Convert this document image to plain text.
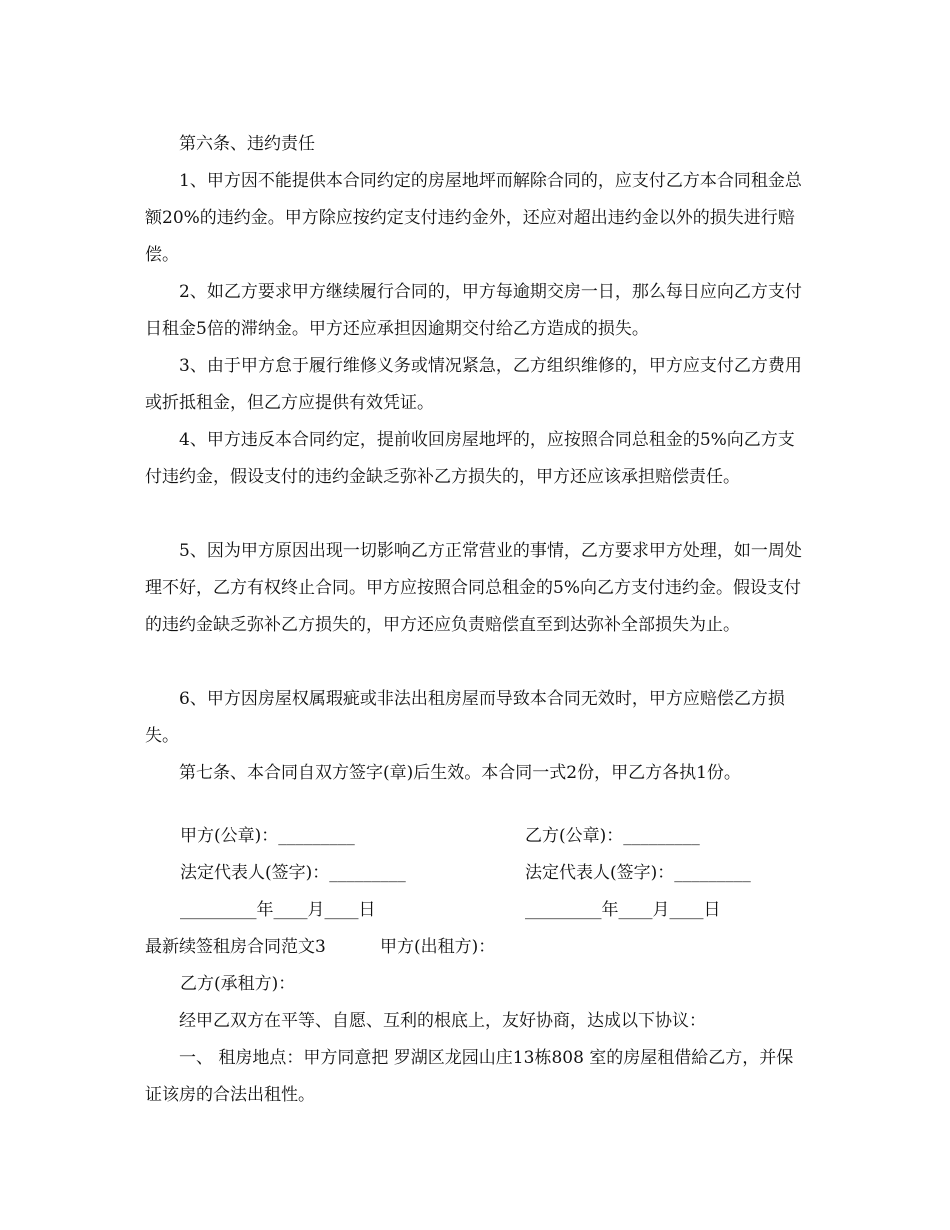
第六条、违约责任

1、甲方因不能提供本合同约定的房屋地坪而解除合同的，应支付乙方本合同租金总额20%的违约金。甲方除应按约定支付违约金外，还应对超出违约金以外的损失进行赔偿。

2、如乙方要求甲方继续履行合同的，甲方每逾期交房一日，那么每日应向乙方支付日租金5倍的滞纳金。甲方还应承担因逾期交付给乙方造成的损失。

3、由于甲方怠于履行维修义务或情况紧急，乙方组织维修的，甲方应支付乙方费用或折抵租金，但乙方应提供有效凭证。

4、甲方违反本合同约定，提前收回房屋地坪的，应按照合同总租金的5%向乙方支付违约金，假设支付的违约金缺乏弥补乙方损失的，甲方还应该承担赔偿责任。

5、因为甲方原因出现一切影响乙方正常营业的事情，乙方要求甲方处理，如一周处理不好，乙方有权终止合同。甲方应按照合同总租金的5%向乙方支付违约金。假设支付的违约金缺乏弥补乙方损失的，甲方还应负责赔偿直至到达弥补全部损失为止。

6、甲方因房屋权属瑕疵或非法出租房屋而导致本合同无效时，甲方应赔偿乙方损失。

第七条、本合同自双方签字(章)后生效。本合同一式2份，甲乙方各执1份。

甲方(公章)：_________	乙方(公章)：_________
法定代表人(签字)：_________	法定代表人(签字)：_________
_________年____月____日	_________年____月____日
最新续签租房合同范文3	甲方(出租方)：
乙方(承租方)：

经甲乙双方在平等、自愿、互利的根底上，友好协商，达成以下协议：

一、 租房地点：甲方同意把 罗湖区龙园山庄13栋808 室的房屋租借給乙方，并保证该房的合法出租性。
